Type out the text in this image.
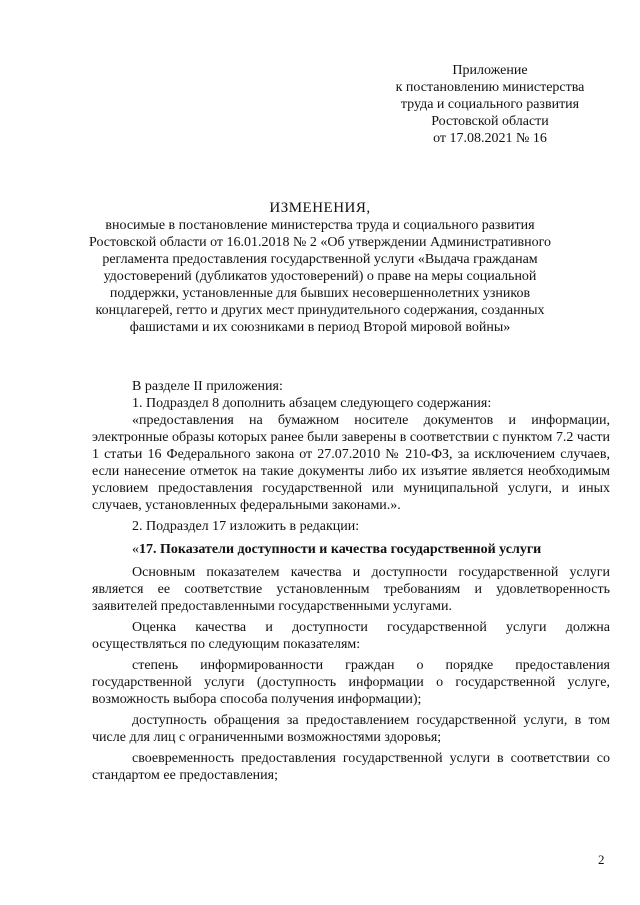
Приложение
к постановлению министерства
труда и социального развития
Ростовской области
от 17.08.2021 № 16
ИЗМЕНЕНИЯ,
вносимые в постановление министерства труда и социального развития
Ростовской области от 16.01.2018 № 2 «Об утверждении Административного
регламента предоставления государственной услуги «Выдача гражданам
удостоверений (дубликатов удостоверений) о праве на меры социальной
поддержки, установленные для бывших несовершеннолетних узников
концлагерей, гетто и других мест принудительного содержания, созданных
фашистами и их союзниками в период Второй мировой войны»

В разделе II приложения:

1. Подраздел 8 дополнить абзацем следующего содержания:

«предоставления на бумажном носителе документов и информации, электронные образы которых ранее были заверены в соответствии с пунктом 7.2 части 1 статьи 16 Федерального закона от 27.07.2010 № 210-ФЗ, за исключением случаев, если нанесение отметок на такие документы либо их изъятие является необходимым условием предоставления государственной или муниципальной услуги, и иных случаев, установленных федеральными законами.».

2. Подраздел 17 изложить в редакции:

«17. Показатели доступности и качества государственной услуги

Основным показателем качества и доступности государственной услуги является ее соответствие установленным требованиям и удовлетворенность заявителей предоставленными государственными услугами.

Оценка качества и доступности государственной услуги должна осуществляться по следующим показателям:

степень информированности граждан о порядке предоставления государственной услуги (доступность информации о государственной услуге, возможность выбора способа получения информации);

доступность обращения за предоставлением государственной услуги, в том числе для лиц с ограниченными возможностями здоровья;

своевременность предоставления государственной услуги в соответствии со стандартом ее предоставления;

2
